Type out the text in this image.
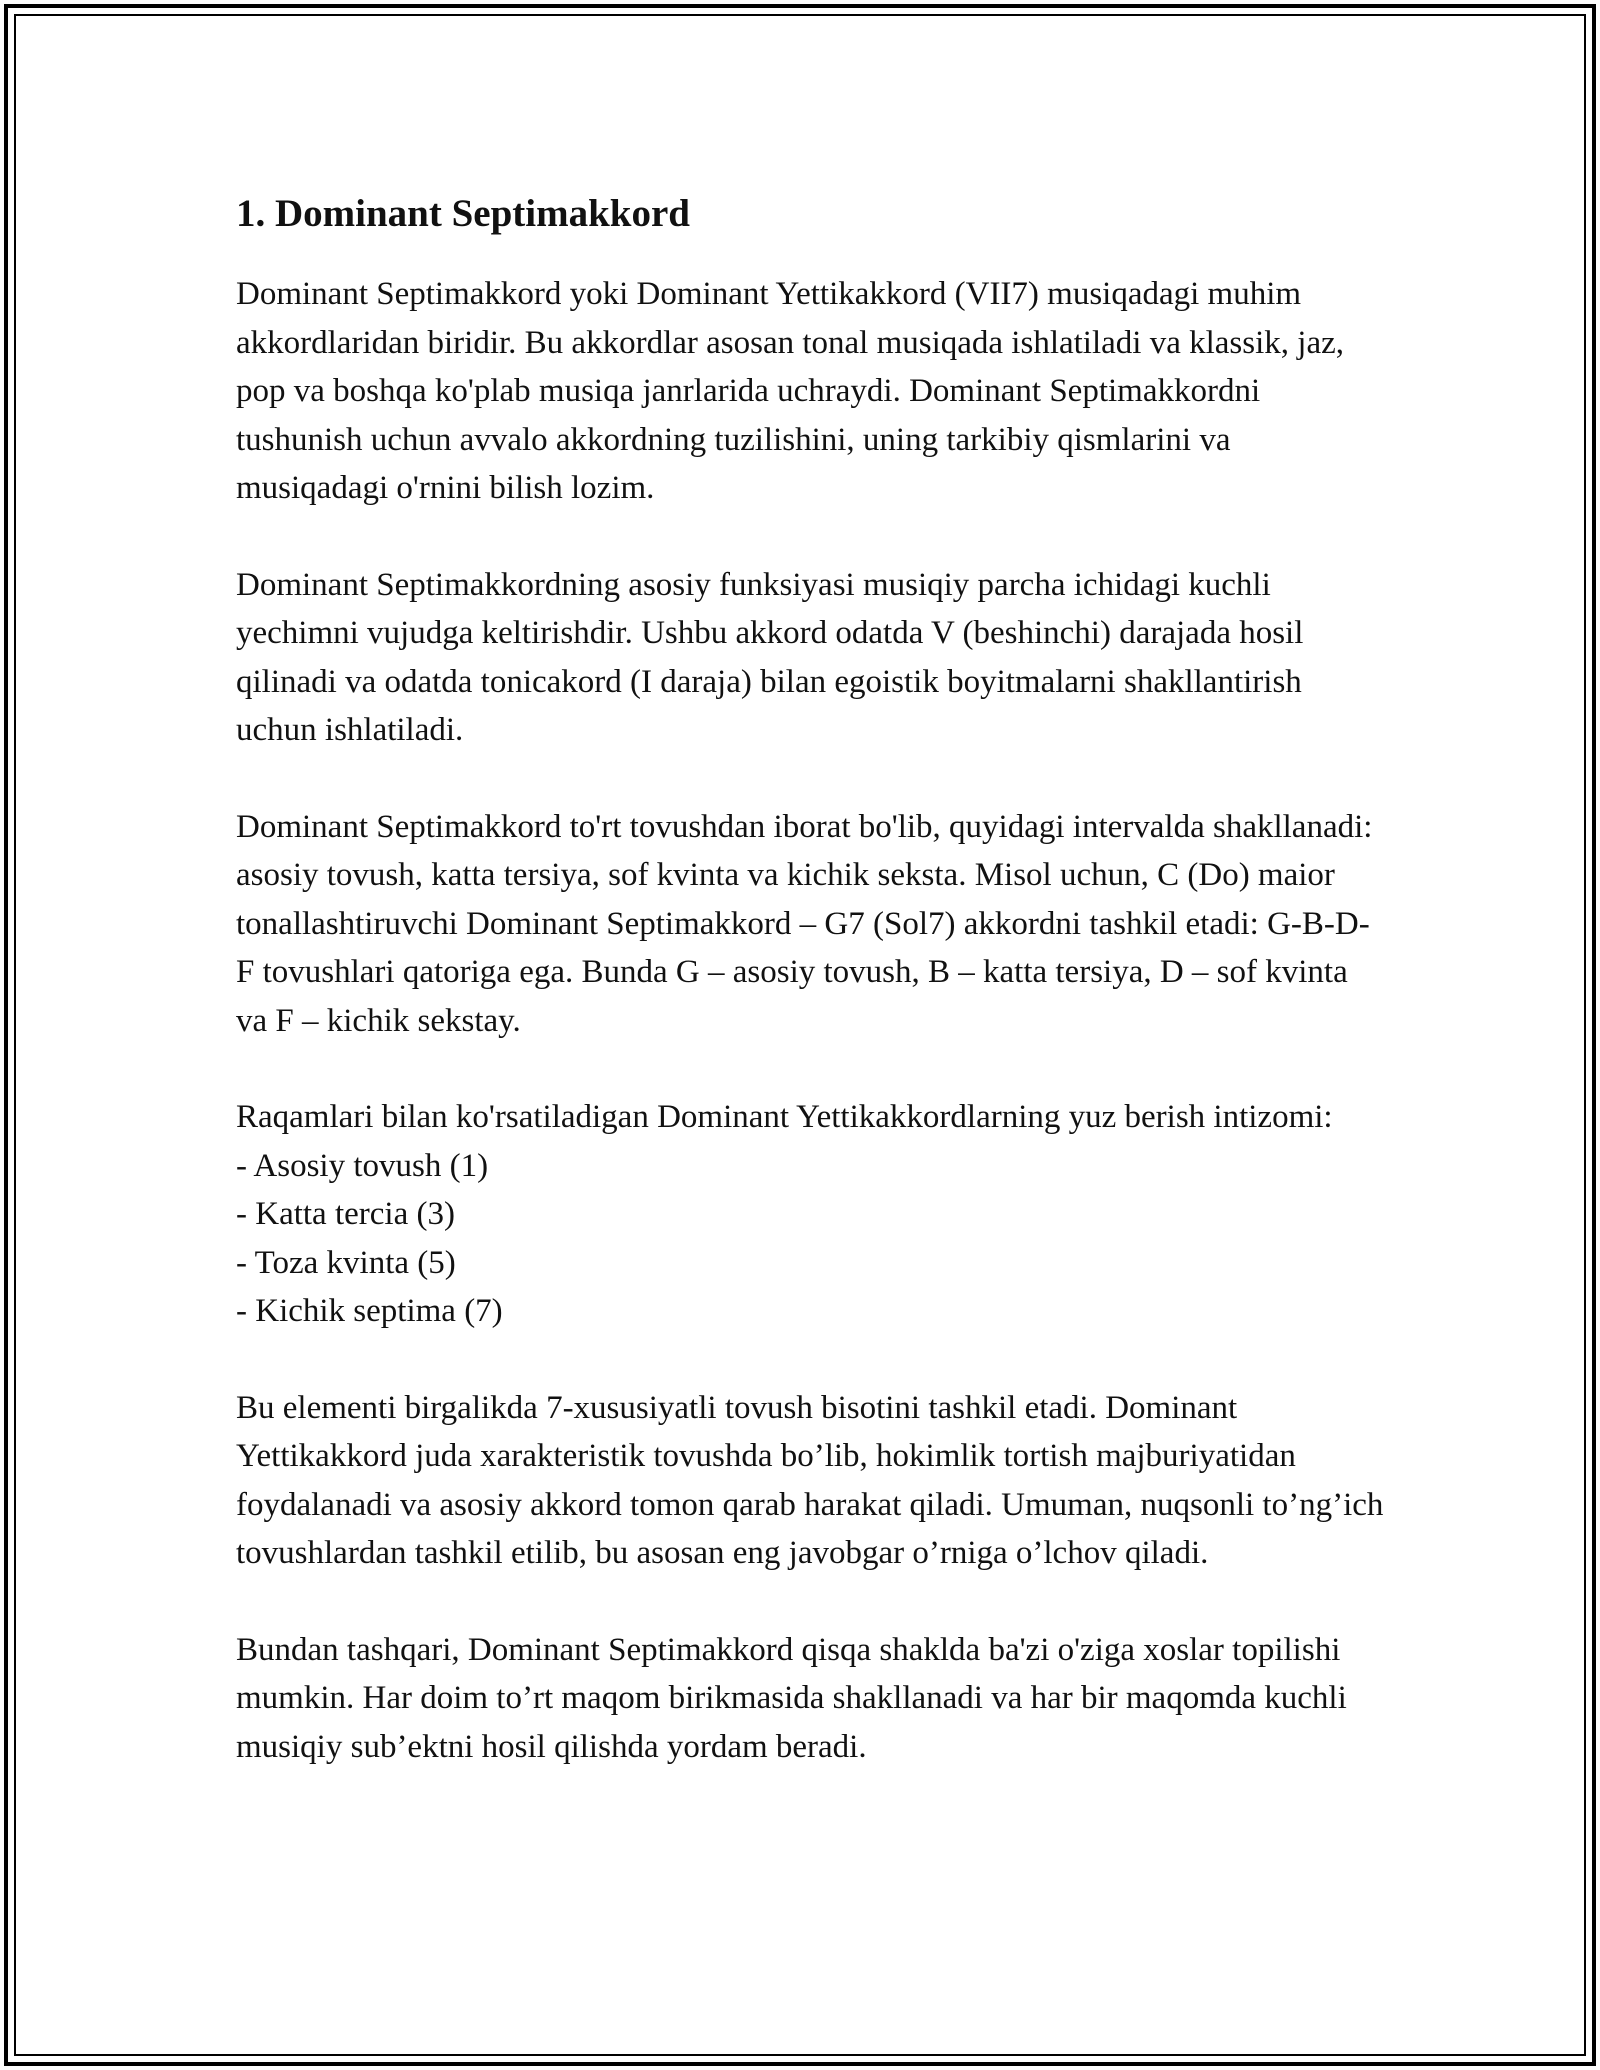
1. Dominant Septimakkord

Dominant Septimakkord yoki Dominant Yettikakkord (VII7) musiqadagi muhim akkordlaridan biridir. Bu akkordlar asosan tonal musiqada ishlatiladi va klassik, jaz, pop va boshqa ko'plab musiqa janrlarida uchraydi. Dominant Septimakkordni tushunish uchun avvalo akkordning tuzilishini, uning tarkibiy qismlarini va musiqadagi o'rnini bilish lozim.

Dominant Septimakkordning asosiy funksiyasi musiqiy parcha ichidagi kuchli yechimni vujudga keltirishdir. Ushbu akkord odatda V (beshinchi) darajada hosil qilinadi va odatda tonicakord (I daraja) bilan egoistik boyitmalarni shakllantirish uchun ishlatiladi.

Dominant Septimakkord to'rt tovushdan iborat bo'lib, quyidagi intervalda shakllanadi: asosiy tovush, katta tersiya, sof kvinta va kichik seksta. Misol uchun, C (Do) maior tonallashtiruvchi Dominant Septimakkord – G7 (Sol7) akkordni tashkil etadi: G-B-D-F tovushlari qatoriga ega. Bunda G – asosiy tovush, B – katta tersiya, D – sof kvinta va F – kichik sekstay.

Raqamlari bilan ko'rsatiladigan Dominant Yettikakkordlarning yuz berish intizomi:
- Asosiy tovush (1)
- Katta tercia (3)
- Toza kvinta (5)
- Kichik septima (7)

Bu elementi birgalikda 7-xususiyatli tovush bisotini tashkil etadi. Dominant Yettikakkord juda xarakteristik tovushda bo’lib, hokimlik tortish majburiyatidan foydalanadi va asosiy akkord tomon qarab harakat qiladi. Umuman, nuqsonli to’ng’ich tovushlardan tashkil etilib, bu asosan eng javobgar o’rniga o’lchov qiladi.

Bundan tashqari, Dominant Septimakkord qisqa shaklda ba'zi o'ziga xoslar topilishi mumkin. Har doim to’rt maqom birikmasida shakllanadi va har bir maqomda kuchli musiqiy sub’ektni hosil qilishda yordam beradi.
